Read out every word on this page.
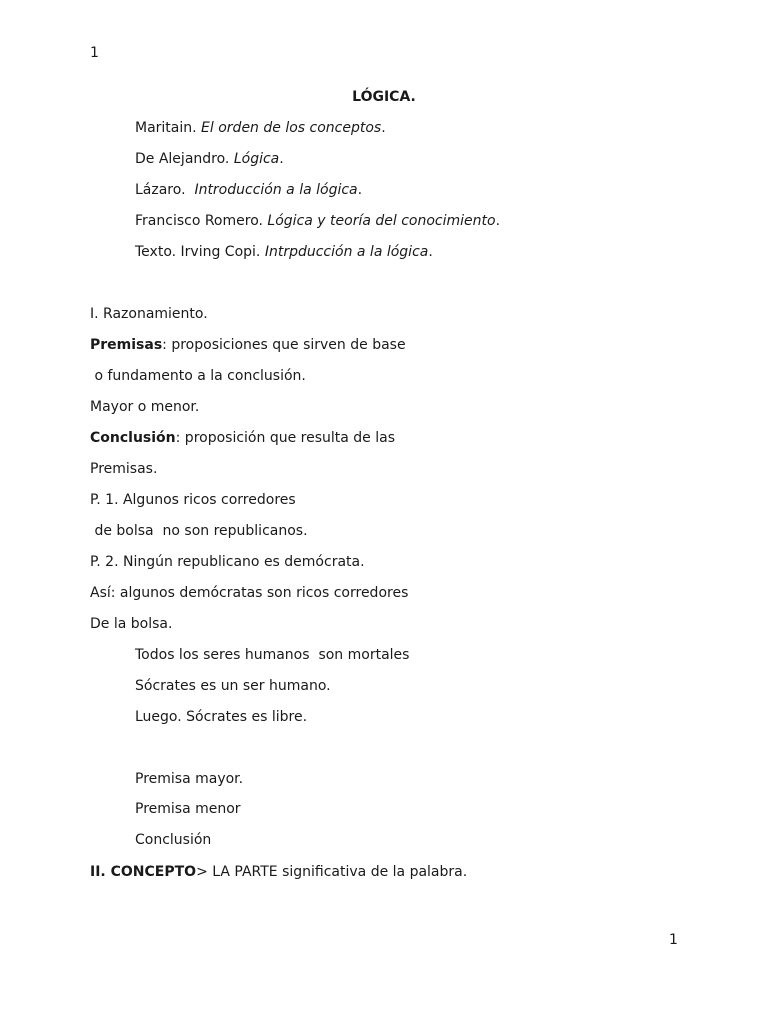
1
LÓGICA.
Maritain. El orden de los conceptos.
De Alejandro. Lógica.
Lázaro.  Introducción a la lógica.
Francisco Romero. Lógica y teoría del conocimiento.
Texto. Irving Copi. Intrpducción a la lógica.
I. Razonamiento.
Premisas: proposiciones que sirven de base
o fundamento a la conclusión.
Mayor o menor.
Conclusión: proposición que resulta de las
Premisas.
P. 1. Algunos ricos corredores
de bolsa  no son republicanos.
P. 2. Ningún republicano es demócrata.
Así: algunos demócratas son ricos corredores
De la bolsa.
Todos los seres humanos  son mortales
Sócrates es un ser humano.
Luego. Sócrates es libre.
Premisa mayor.
Premisa menor
Conclusión
II. CONCEPTO> LA PARTE significativa de la palabra.
1
